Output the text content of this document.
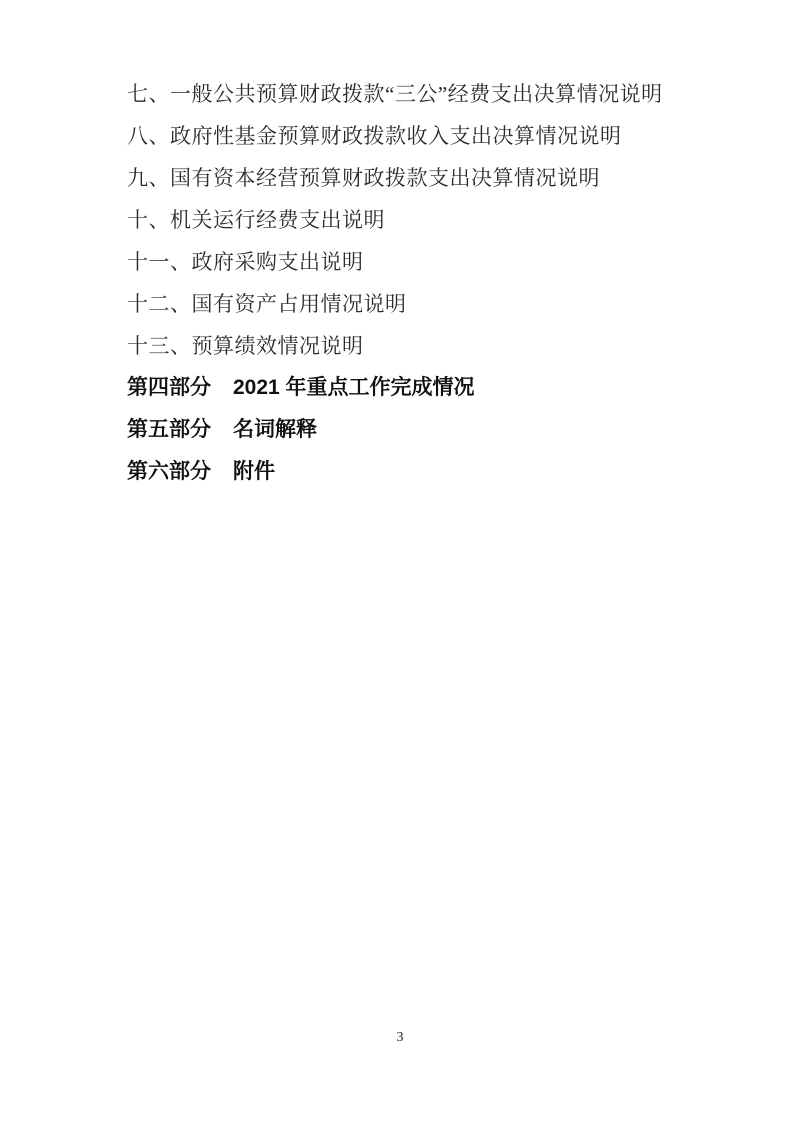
七、一般公共预算财政拨款“三公”经费支出决算情况说明

八、政府性基金预算财政拨款收入支出决算情况说明

九、国有资本经营预算财政拨款支出决算情况说明

十、机关运行经费支出说明

十一、政府采购支出说明

十二、国有资产占用情况说明

十三、预算绩效情况说明

第四部分 2021 年重点工作完成情况

第五部分 名词解释

第六部分 附件

3
